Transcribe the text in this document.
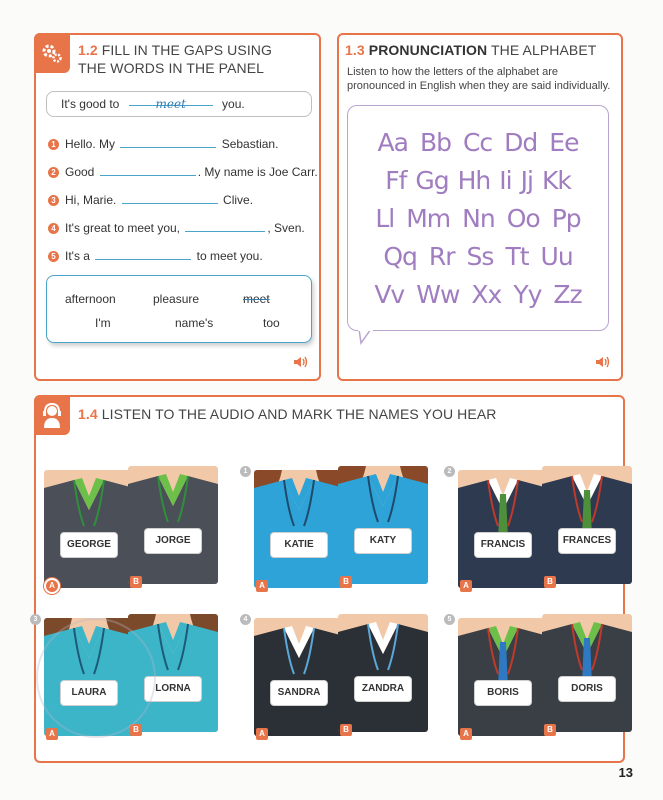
1.2 FILL IN THE GAPS USING
THE WORDS IN THE PANEL
It's good to	meet	you.
1 Hello. My	Sebastian.
2 Good	. My name is Joe Carr.
3 Hi, Marie.	Clive.
4 It's great to meet you,	, Sven.
5 It's a	to meet you.
afternoon	pleasure	meet
I'm	name's	too
1.3 PRONUNCIATION THE ALPHABET
Listen to how the letters of the alphabet are pronounced in English when they are said individually.
Aa Bb Cc Dd Ee
Ff Gg Hh Ii Jj Kk
Ll Mm Nn Oo Pp
Qq Rr Ss Tt Uu
Vv Ww Xx Yy Zz
1.4 LISTEN TO THE AUDIO AND MARK THE NAMES YOU HEAR
GEORGE
A
JORGE
B
1
KATIE
A
KATY
B
2
FRANCIS
A
FRANCES
B
3
LAURA
A
LORNA
B
4
SANDRA
A
ZANDRA
B
5
BORIS
A
DORIS
B
13
